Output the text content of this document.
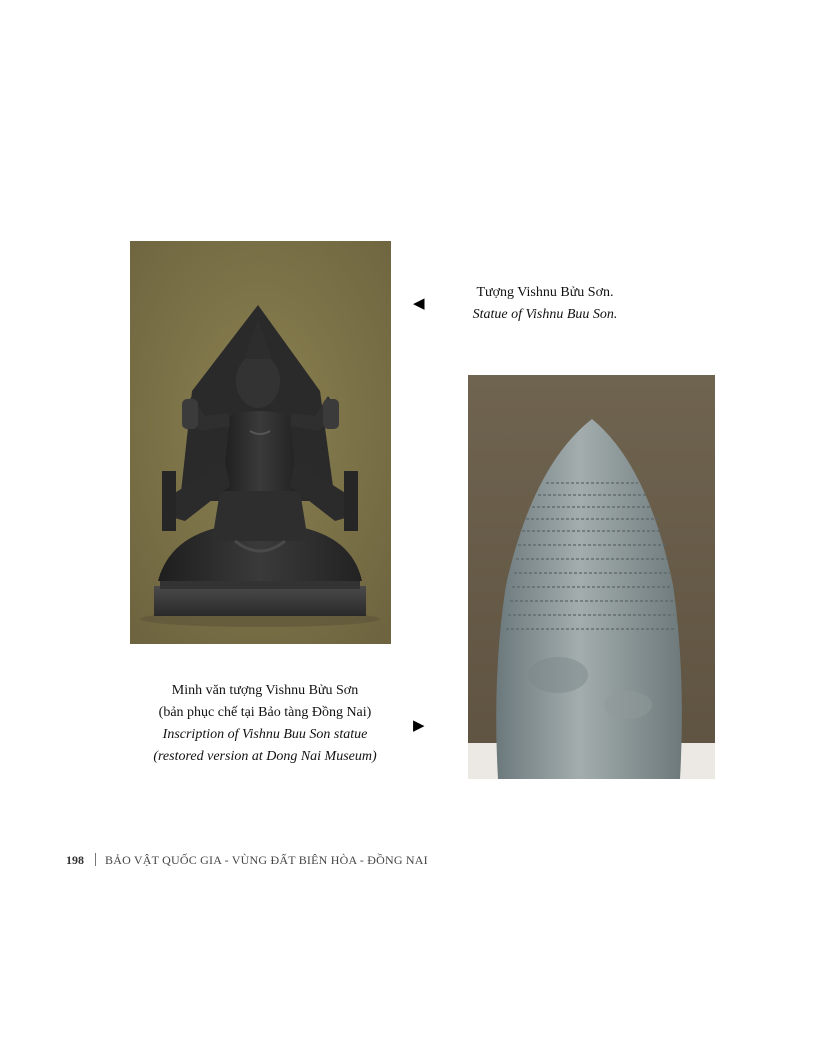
◀
▶
Tượng Vishnu Bửu Sơn.
Statue of Vishnu Buu Son.
Minh văn tượng Vishnu Bửu Sơn
(bản phục chế tại Bảo tàng Đồng Nai)
Inscription of Vishnu Buu Son statue
(restored version at Dong Nai Museum)
198 BẢO VẬT QUỐC GIA - VÙNG ĐẤT BIÊN HÒA - ĐỒNG NAI
